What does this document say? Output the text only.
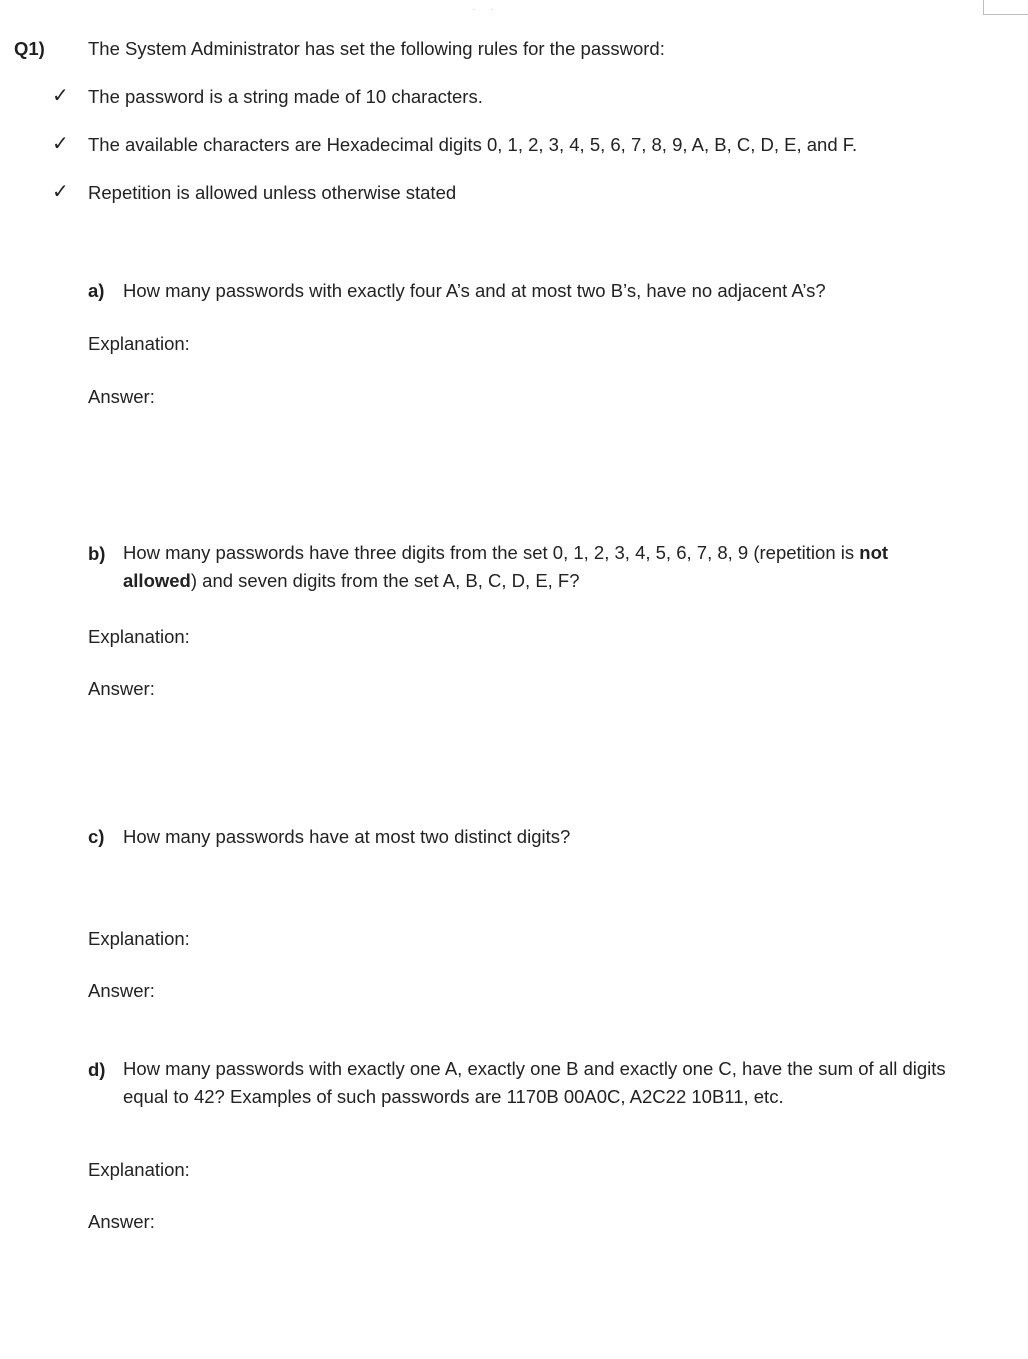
· ·
Q1) The System Administrator has set the following rules for the password:
✓ The password is a string made of 10 characters.
✓ The available characters are Hexadecimal digits 0, 1, 2, 3, 4, 5, 6, 7, 8, 9, A, B, C, D, E, and F.
✓ Repetition is allowed unless otherwise stated
a) How many passwords with exactly four A’s and at most two B’s, have no adjacent A’s?
Explanation:
Answer:
b) How many passwords have three digits from the set 0, 1, 2, 3, 4, 5, 6, 7, 8, 9 (repetition is not allowed) and seven digits from the set A, B, C, D, E, F?
Explanation:
Answer:
c) How many passwords have at most two distinct digits?
Explanation:
Answer:
d) How many passwords with exactly one A, exactly one B and exactly one C, have the sum of all digits equal to 42? Examples of such passwords are 1170B 00A0C, A2C22 10B11, etc.
Explanation:
Answer:
